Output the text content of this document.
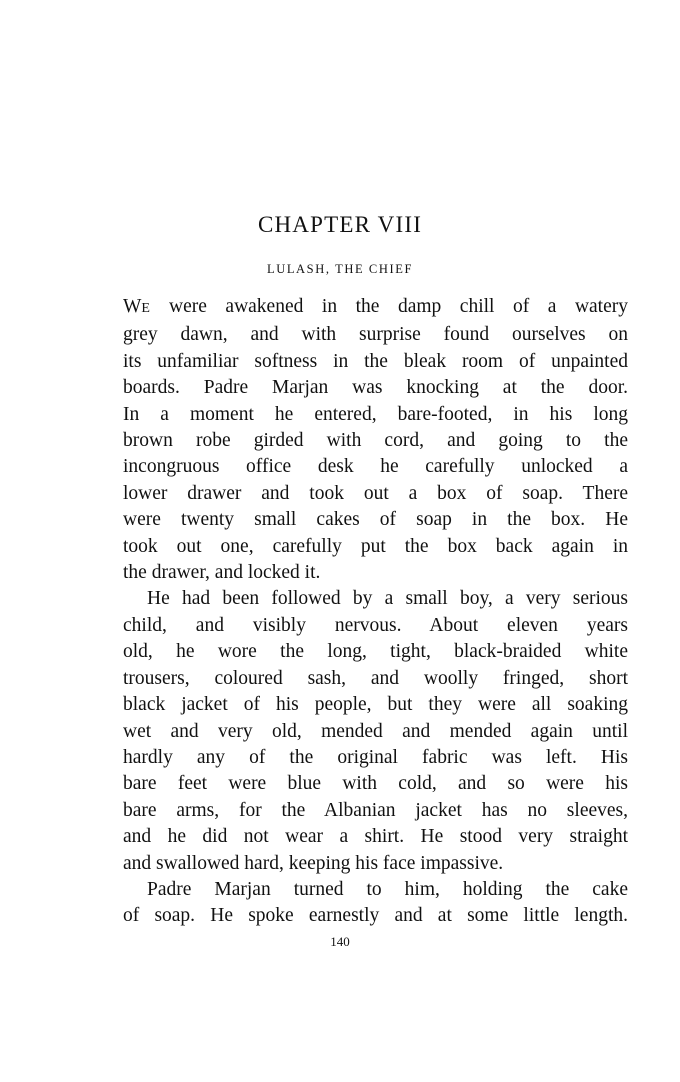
CHAPTER VIII
LULASH, THE CHIEF
WE were awakened in the damp chill of a watery
grey dawn, and with surprise found ourselves on
its unfamiliar softness in the bleak room of unpainted
boards. Padre Marjan was knocking at the door.
In a moment he entered, bare-footed, in his long
brown robe girded with cord, and going to the
incongruous office desk he carefully unlocked a
lower drawer and took out a box of soap. There
were twenty small cakes of soap in the box. He
took out one, carefully put the box back again in
the drawer, and locked it.
He had been followed by a small boy, a very serious
child, and visibly nervous. About eleven years
old, he wore the long, tight, black-braided white
trousers, coloured sash, and woolly fringed, short
black jacket of his people, but they were all soaking
wet and very old, mended and mended again until
hardly any of the original fabric was left. His
bare feet were blue with cold, and so were his
bare arms, for the Albanian jacket has no sleeves,
and he did not wear a shirt. He stood very straight
and swallowed hard, keeping his face impassive.
Padre Marjan turned to him, holding the cake
of soap. He spoke earnestly and at some little length.
140
